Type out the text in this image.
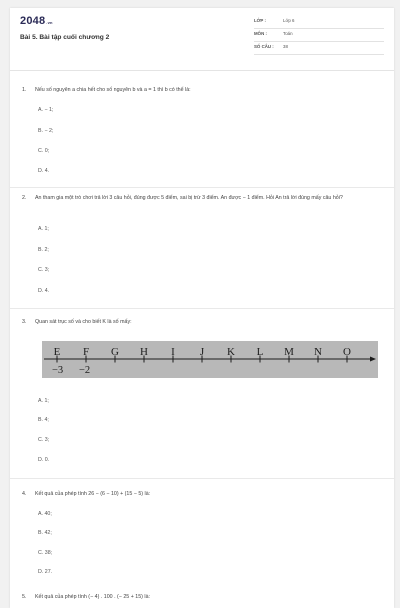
2048.vn
Bài 5. Bài tập cuối chương 2
LỚP :	Lớp 6
MÔN :	Toán
SỐ CÂU : 38
1. Nếu số nguyên a chia hết cho số nguyên b và a = 1 thì b có thể là:
A. − 1;
B. − 2;
C. 0;
D. 4.
2. An tham gia một trò chơi trả lời 3 câu hỏi, đúng được 5 điểm, sai bị trừ 3 điểm. An được − 1 điểm. Hỏi An trả lời đúng mấy câu hỏi?
A. 1;
B. 2;
C. 3;
D. 4.
3. Quan sát trục số và cho biết K là số mấy:
A. 1;
B. 4;
C. 3;
D. 0.
E F G H I J K L M N O
−3 −2
4. Kết quả của phép tính 26 − (6 − 10) + (15 − 5) là:
A. 40;
B. 42;
C. 38;
D. 27.
5. Kết quả của phép tính (− 4) . 100 . (− 25 + 15) là:
